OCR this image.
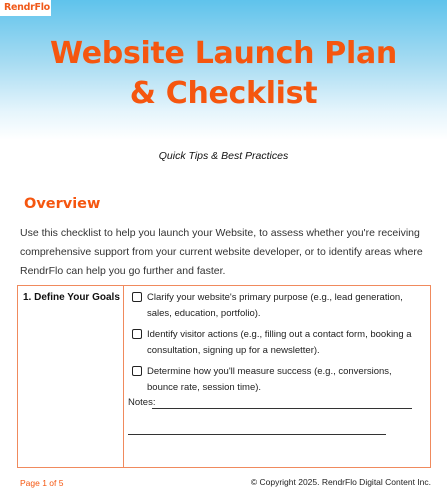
RendrFlo
Website Launch Plan
& Checklist
Quick Tips & Best Practices
Overview
Use this checklist to help you launch your Website, to assess whether you're receiving comprehensive support from your current website developer, or to identify areas where RendrFlo can help you go further and faster.
1. Define Your Goals	Clarify your website's primary purpose (e.g., lead generation, sales, education, portfolio).
Identify visitor actions (e.g., filling out a contact form, booking a consultation, signing up for a newsletter).
Determine how you'll measure success (e.g., conversions, bounce rate, session time).
Notes:
Page 1 of 5	© Copyright 2025. RendrFlo Digital Content Inc.
